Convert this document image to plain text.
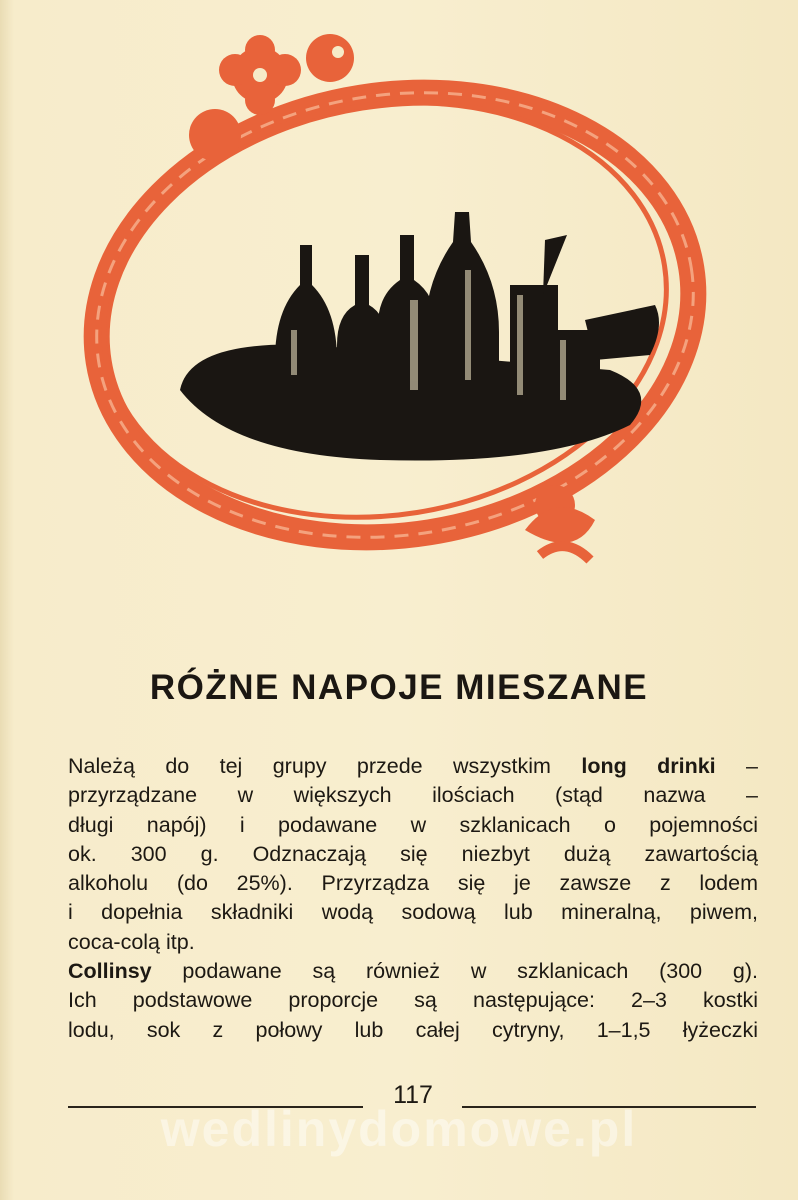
RÓŻNE NAPOJE MIESZANE
Należą do tej grupy przede wszystkim long drinki –
przyrządzane w większych ilościach (stąd nazwa –
długi napój) i podawane w szklanicach o pojemności
ok. 300 g. Odznaczają się niezbyt dużą zawartością
alkoholu (do 25%). Przyrządza się je zawsze z lodem
i dopełnia składniki wodą sodową lub mineralną, piwem,
coca-colą itp.
Collinsy podawane są również w szklanicach (300 g).
Ich podstawowe proporcje są następujące: 2–3 kostki
lodu, sok z połowy lub całej cytryny, 1–1,5 łyżeczki
117
wedlinydomowe.pl
